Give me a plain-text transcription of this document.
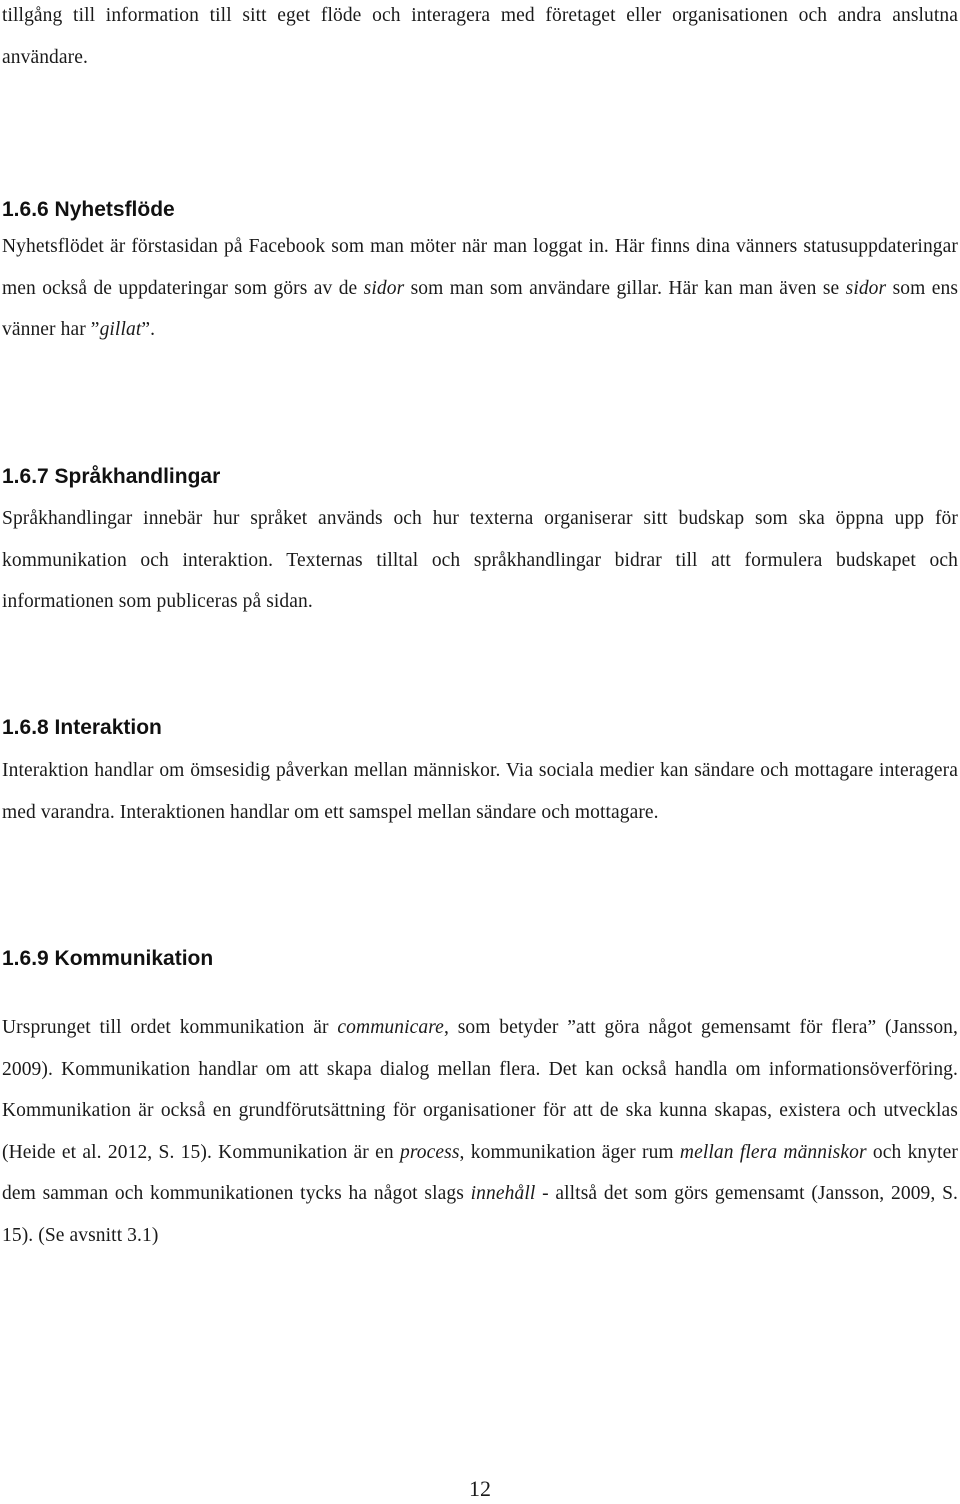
tillgång till information till sitt eget flöde och interagera med företaget eller organisationen och andra anslutna användare.

1.6.6 Nyhetsflöde

Nyhetsflödet är förstasidan på Facebook som man möter när man loggat in. Här finns dina vänners statusuppdateringar men också de uppdateringar som görs av de sidor som man som användare gillar. Här kan man även se sidor som ens vänner har ”gillat”.

1.6.7 Språkhandlingar

Språkhandlingar innebär hur språket används och hur texterna organiserar sitt budskap som ska öppna upp för kommunikation och interaktion. Texternas tilltal och språkhandlingar bidrar till att formulera budskapet och informationen som publiceras på sidan.

1.6.8 Interaktion

Interaktion handlar om ömsesidig påverkan mellan människor. Via sociala medier kan sändare och mottagare interagera med varandra. Interaktionen handlar om ett samspel mellan sändare och mottagare.

1.6.9 Kommunikation

Ursprunget till ordet kommunikation är communicare, som betyder ”att göra något gemensamt för flera” (Jansson, 2009). Kommunikation handlar om att skapa dialog mellan flera. Det kan också handla om informationsöverföring. Kommunikation är också en grundförutsättning för organisationer för att de ska kunna skapas, existera och utvecklas (Heide et al. 2012, S. 15). Kommunikation är en process, kommunikation äger rum mellan flera människor och knyter dem samman och kommunikationen tycks ha något slags innehåll - alltså det som görs gemensamt (Jansson, 2009, S. 15). (Se avsnitt 3.1)

12
